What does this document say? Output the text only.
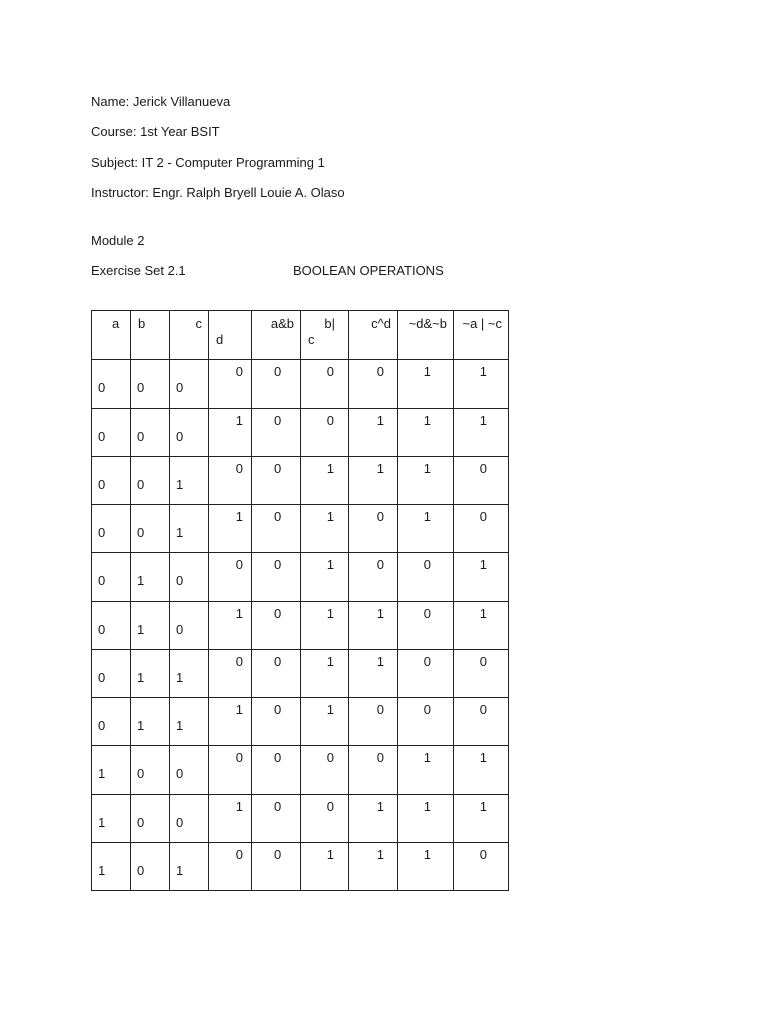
Name: Jerick Villanueva
Course: 1st Year BSIT
Subject: IT 2 - Computer Programming 1
Instructor: Engr. Ralph Bryell Louie A. Olaso
Module 2
Exercise Set 2.1	BOOLEAN OPERATIONS
a	b	c	d	a&b	b|
c	c^d	~d&~b	~a | ~c

0	0	0	0	0	0	0	1	1

0	0	0	1	0	0	1	1	1

0	0	1	0	0	1	1	1	0

0	0	1	1	0	1	0	1	0

0	1	0	0	0	1	0	0	1

0	1	0	1	0	1	1	0	1

0	1	1	0	0	1	1	0	0

0	1	1	1	0	1	0	0	0

1	0	0	0	0	0	0	1	1

1	0	0	1	0	0	1	1	1

1	0	1	0	0	1	1	1	0
